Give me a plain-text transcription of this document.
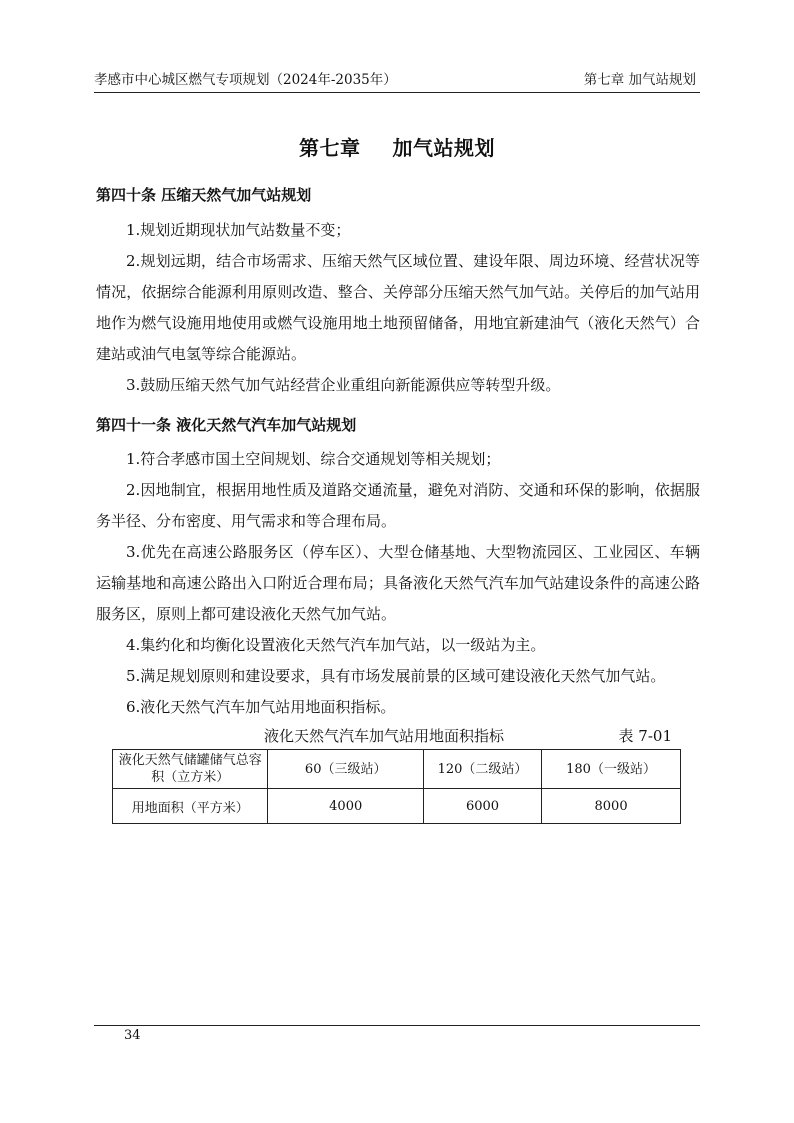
孝感市中心城区燃气专项规划（2024年-2035年）	第七章 加气站规划
第七章 加气站规划

第四十条 压缩天然气加气站规划

1.规划近期现状加气站数量不变；

2.规划远期，结合市场需求、压缩天然气区域位置、建设年限、周边环境、经营状况等情况，依据综合能源利用原则改造、整合、关停部分压缩天然气加气站。关停后的加气站用地作为燃气设施用地使用或燃气设施用地土地预留储备，用地宜新建油气（液化天然气）合建站或油气电氢等综合能源站。

3.鼓励压缩天然气加气站经营企业重组向新能源供应等转型升级。

第四十一条 液化天然气汽车加气站规划

1.符合孝感市国土空间规划、综合交通规划等相关规划；

2.因地制宜，根据用地性质及道路交通流量，避免对消防、交通和环保的影响，依据服务半径、分布密度、用气需求和等合理布局。

3.优先在高速公路服务区（停车区）、大型仓储基地、大型物流园区、工业园区、车辆运输基地和高速公路出入口附近合理布局；具备液化天然气汽车加气站建设条件的高速公路服务区，原则上都可建设液化天然气加气站。

4.集约化和均衡化设置液化天然气汽车加气站，以一级站为主。

5.满足规划原则和建设要求，具有市场发展前景的区域可建设液化天然气加气站。

6.液化天然气汽车加气站用地面积指标。

液化天然气汽车加气站用地面积指标	表 7-01
液化天然气储罐储气总容积（立方米）	60（三级站）	120（二级站）	180（一级站）
用地面积（平方米）	4000	6000	8000
34
